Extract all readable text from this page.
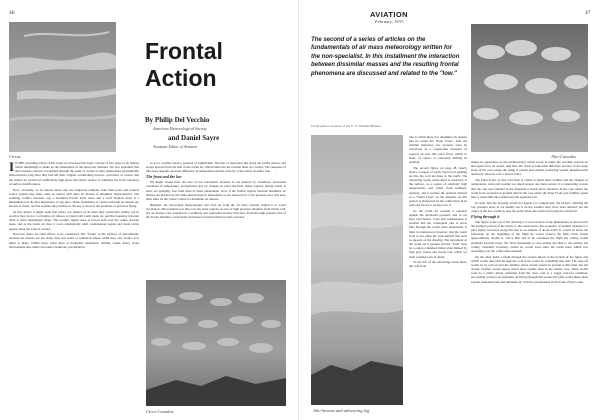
46
Cirrus
Frontal
Action
By Philip Del Vecchio
American Meteorological Society
and Daniel Sayre
Assistant Editor of Aviation

I N THE preceding article of this series we developed the basic concept of four types of air masses which intermingle to make up the atmosphere of the non-polar latitudes. We also explained that these masses could be recognized through the study of certain of their temperature and humidity characteristics long after they had left their original conditioning sources—provided, of course, that the studies be carried out sufficiently high above the earth's surface to eliminate the local variations of surface modifications.

Now, obviously, as air masses move into the temperate latitudes from their polar and tropical source regions they must come in contact with other air masses of dissimilar characteristics. The resulting conflict between, say, a Northern Pacific Polar mass and a Gulf Tropical mass is a phenomenon of the first importance to any pilot. These boundaries of contact between air masses are known as fronts, and the weather they produce is the key to most of the problems of practical flying.

At first glance it might seem that where two masses of air meet they would mix readily, but in practice they do not. Cold dense air refuses to blend with warm moist air, and the boundary between them is often surprisingly sharp. The warmer, lighter mass is forced aloft over the colder, heavier mass, and as the warm air rises it cools adiabatically until condensation begins and cloud forms appear along the zone of contact.

However, there are other effects to be considered. The "fronts" at the surfaces of discontinuity between air masses are not sharp lines but zones of transition whose width may vary from a few miles to many. Within these zones there is frequently turbulence, shifting winds, heavy cloud development and, under favorable conditions, precipitation.

so as to oscillate about a position of equilibrium. The line of separation lies along the earth's surface and slopes upward from the side of the colder air, which undercuts the warmer mass as a wedge. The steepness of this slope depends upon the difference in temperature and the velocity of the winds on either side.

The front and the low

We might reason thus: An area of low barometric pressure is one marked by cloudiness, horizontal variations of temperature, precipitation and, by changes in wind direction. Other regions, during winter at least, are generally free from most of these phenomena. Now, if the frontal regions between dissimilar air masses are marked by the same meteorological phenomena as are observed in a low pressure area, this area, then, must be the contact centre for dissimilar air masses.

Bjerknes, the Norwegian meteorologist who first set forth the air mass concept, linked it to world circulation. His postulate was that over the polar regions an area of high pressure obtained, from which cold, dry air masses were expelled in a southerly and somewhat easterly direction. From the high pressure belt of the Trades latitudes, warm moist air masses traveled northward and eastward.

Cirro-Cumulus
AVIATION
February, 1933
47
The second of a series of articles on the fundamentals of air mass meteorology written for the non-specialist. In this installment the interaction between dissimilar masses and the resulting frontal phenomena are discussed and related to the "low."
Cloud photos courtesy of the U. S. Weather Bureau
Alto-Cumulus
Alto-Stratus and advancing fog

line at which these two dissimilar air masses met he called the "Polar Front." And our familiar migratory low pressure areas he conceived as a tongue-like intrusion of tropical air into this polar front, which in itself, of course, is constantly shifting its position.

The second figure on page 48 clearly shows a tongue of warm tropical air pushing up into the cold air mass to the north. The advancing warm, moist mass is observed, at the surface, as a region of relatively high temperatures and winds from southerly quarters, and it reaches the position marked as a "Warm Front" on the diagram. At this point it is obstructed by the colder mass in its path and forced to ascend over it.

As the warm air ascends it expands against the decreased pressure, and as we have said before, cools and condensation is reached and the consequent rain or snow falls through the colder mass underneath. It must be understood, however, that the warm front is not often the well-defined line such as appears on the drawing. The movement of the warm air is gradual and the "front" may be a region a hundred miles wide marked by long gray stratus and steady rain, which we shall consider later in detail.

To the left of the advancing warm mass, the cold front

makes its appearance as the northwesterly winds sweep in under the receding tropical air and again force its ascent. And here the result is somewhat different: because of the steep slope of the cold wedge the rising is violent and sudden, producing squalls, thunderstorms and heavy showers over a narrow band.

The Polar Front, as this cold front is called, is much more definite and the changes in temperature, wind and weather are much steeper and more severe. It is interesting to note that the rain area (shaded in the diagram) is much more extensive in the case where the warm front ascension is gradual than in the case where the Polar Front (our familiar squall line or wind-shift line) rushes into the equatorial air.

In order that the drawing would not appear too complicated, the isobars, defining the low pressure areas as we usually see it on the weather map, have been omitted; but the center of the low would be near the point where the warm front joins the cold front.

Flying through it

The figure at the top of the drawing is a cross-section of the phenomena as observed in the northern portion of the storm, or the warm sector. The sequence of weather changes to a pilot flying westward along this line at an altitude of about 6,000 ft. would be about the following: At the beginning of the flight he would observe the high cirrus clouds approximately 30,000 ft. above him and as he continued his flight the ceiling would gradually become lower, the cirrus thickening to cirro-stratus and then to alto-stratus, the ceiling constantly lowering—where he would soon enter the warm mass which was ascending over the colder mass beneath.

On the other hand, a flight through the section shown at the bottom of the figure and which would take him through the cold front would be something like this: The take-off would be in cold air and the familiar cirrus clouds would be present at this time, but the cloudy weather would appear much more rapidly than in the former case. There would soon be a rather abrupt transition from the clear cold to a soggy overcast condition, proceeding to heavy precipitation. In flying through this section the pilot would likely meet squalls, thunderstorms and turbulent air, with the precipitation in the form of heavy rain.
